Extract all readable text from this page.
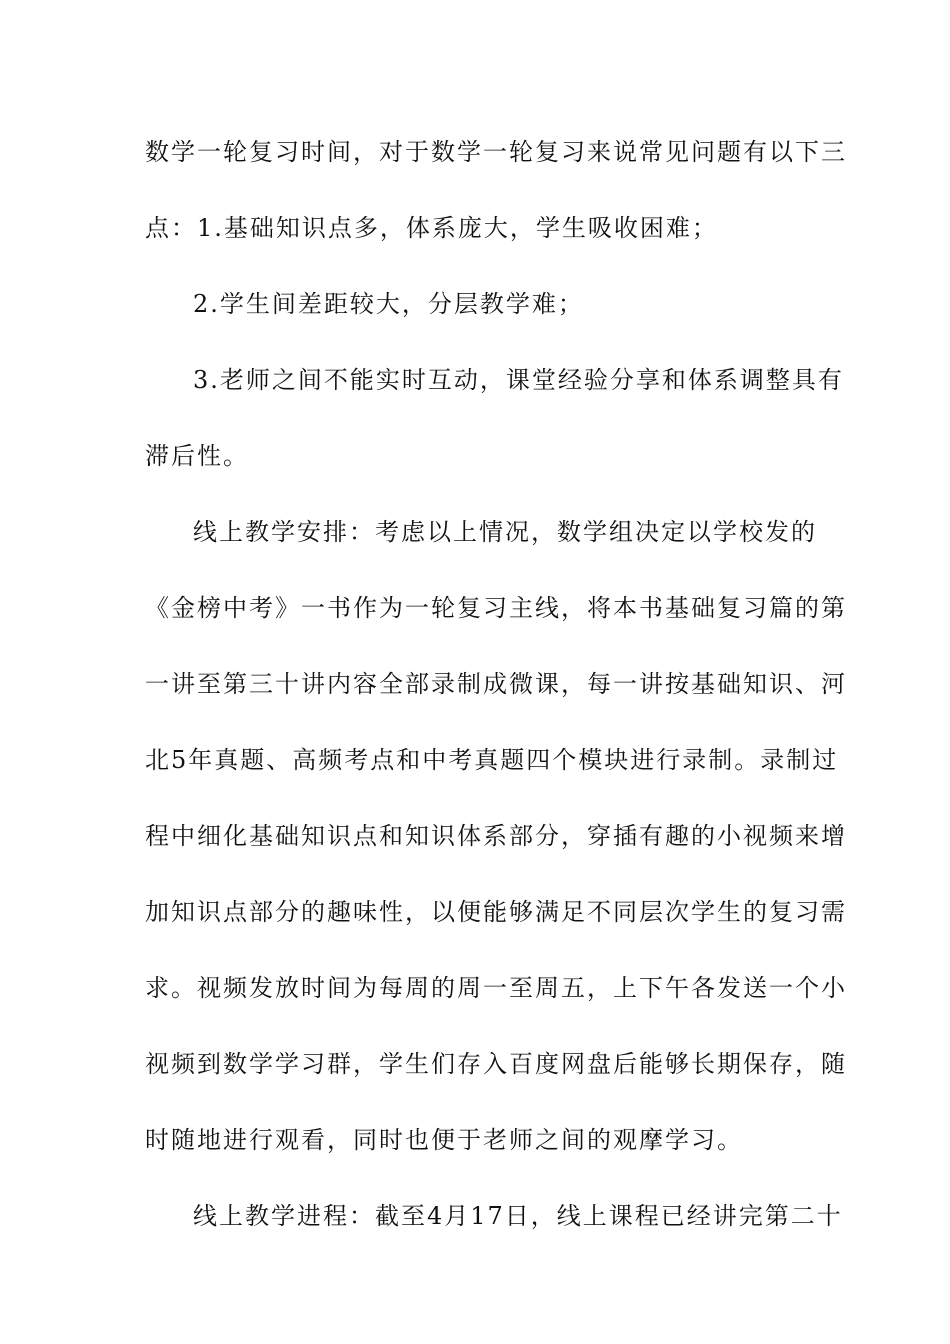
数学一轮复习时间，对于数学一轮复习来说常见问题有以下三
点：1.基础知识点多，体系庞大，学生吸收困难；
2.学生间差距较大，分层教学难；
3.老师之间不能实时互动，课堂经验分享和体系调整具有
滞后性。
线上教学安排：考虑以上情况，数学组决定以学校发的
《金榜中考》一书作为一轮复习主线，将本书基础复习篇的第
一讲至第三十讲内容全部录制成微课，每一讲按基础知识、河
北5年真题、高频考点和中考真题四个模块进行录制。录制过
程中细化基础知识点和知识体系部分，穿插有趣的小视频来增
加知识点部分的趣味性，以便能够满足不同层次学生的复习需
求。视频发放时间为每周的周一至周五，上下午各发送一个小
视频到数学学习群，学生们存入百度网盘后能够长期保存，随
时随地进行观看，同时也便于老师之间的观摩学习。
线上教学进程：截至4月17日，线上课程已经讲完第二十
